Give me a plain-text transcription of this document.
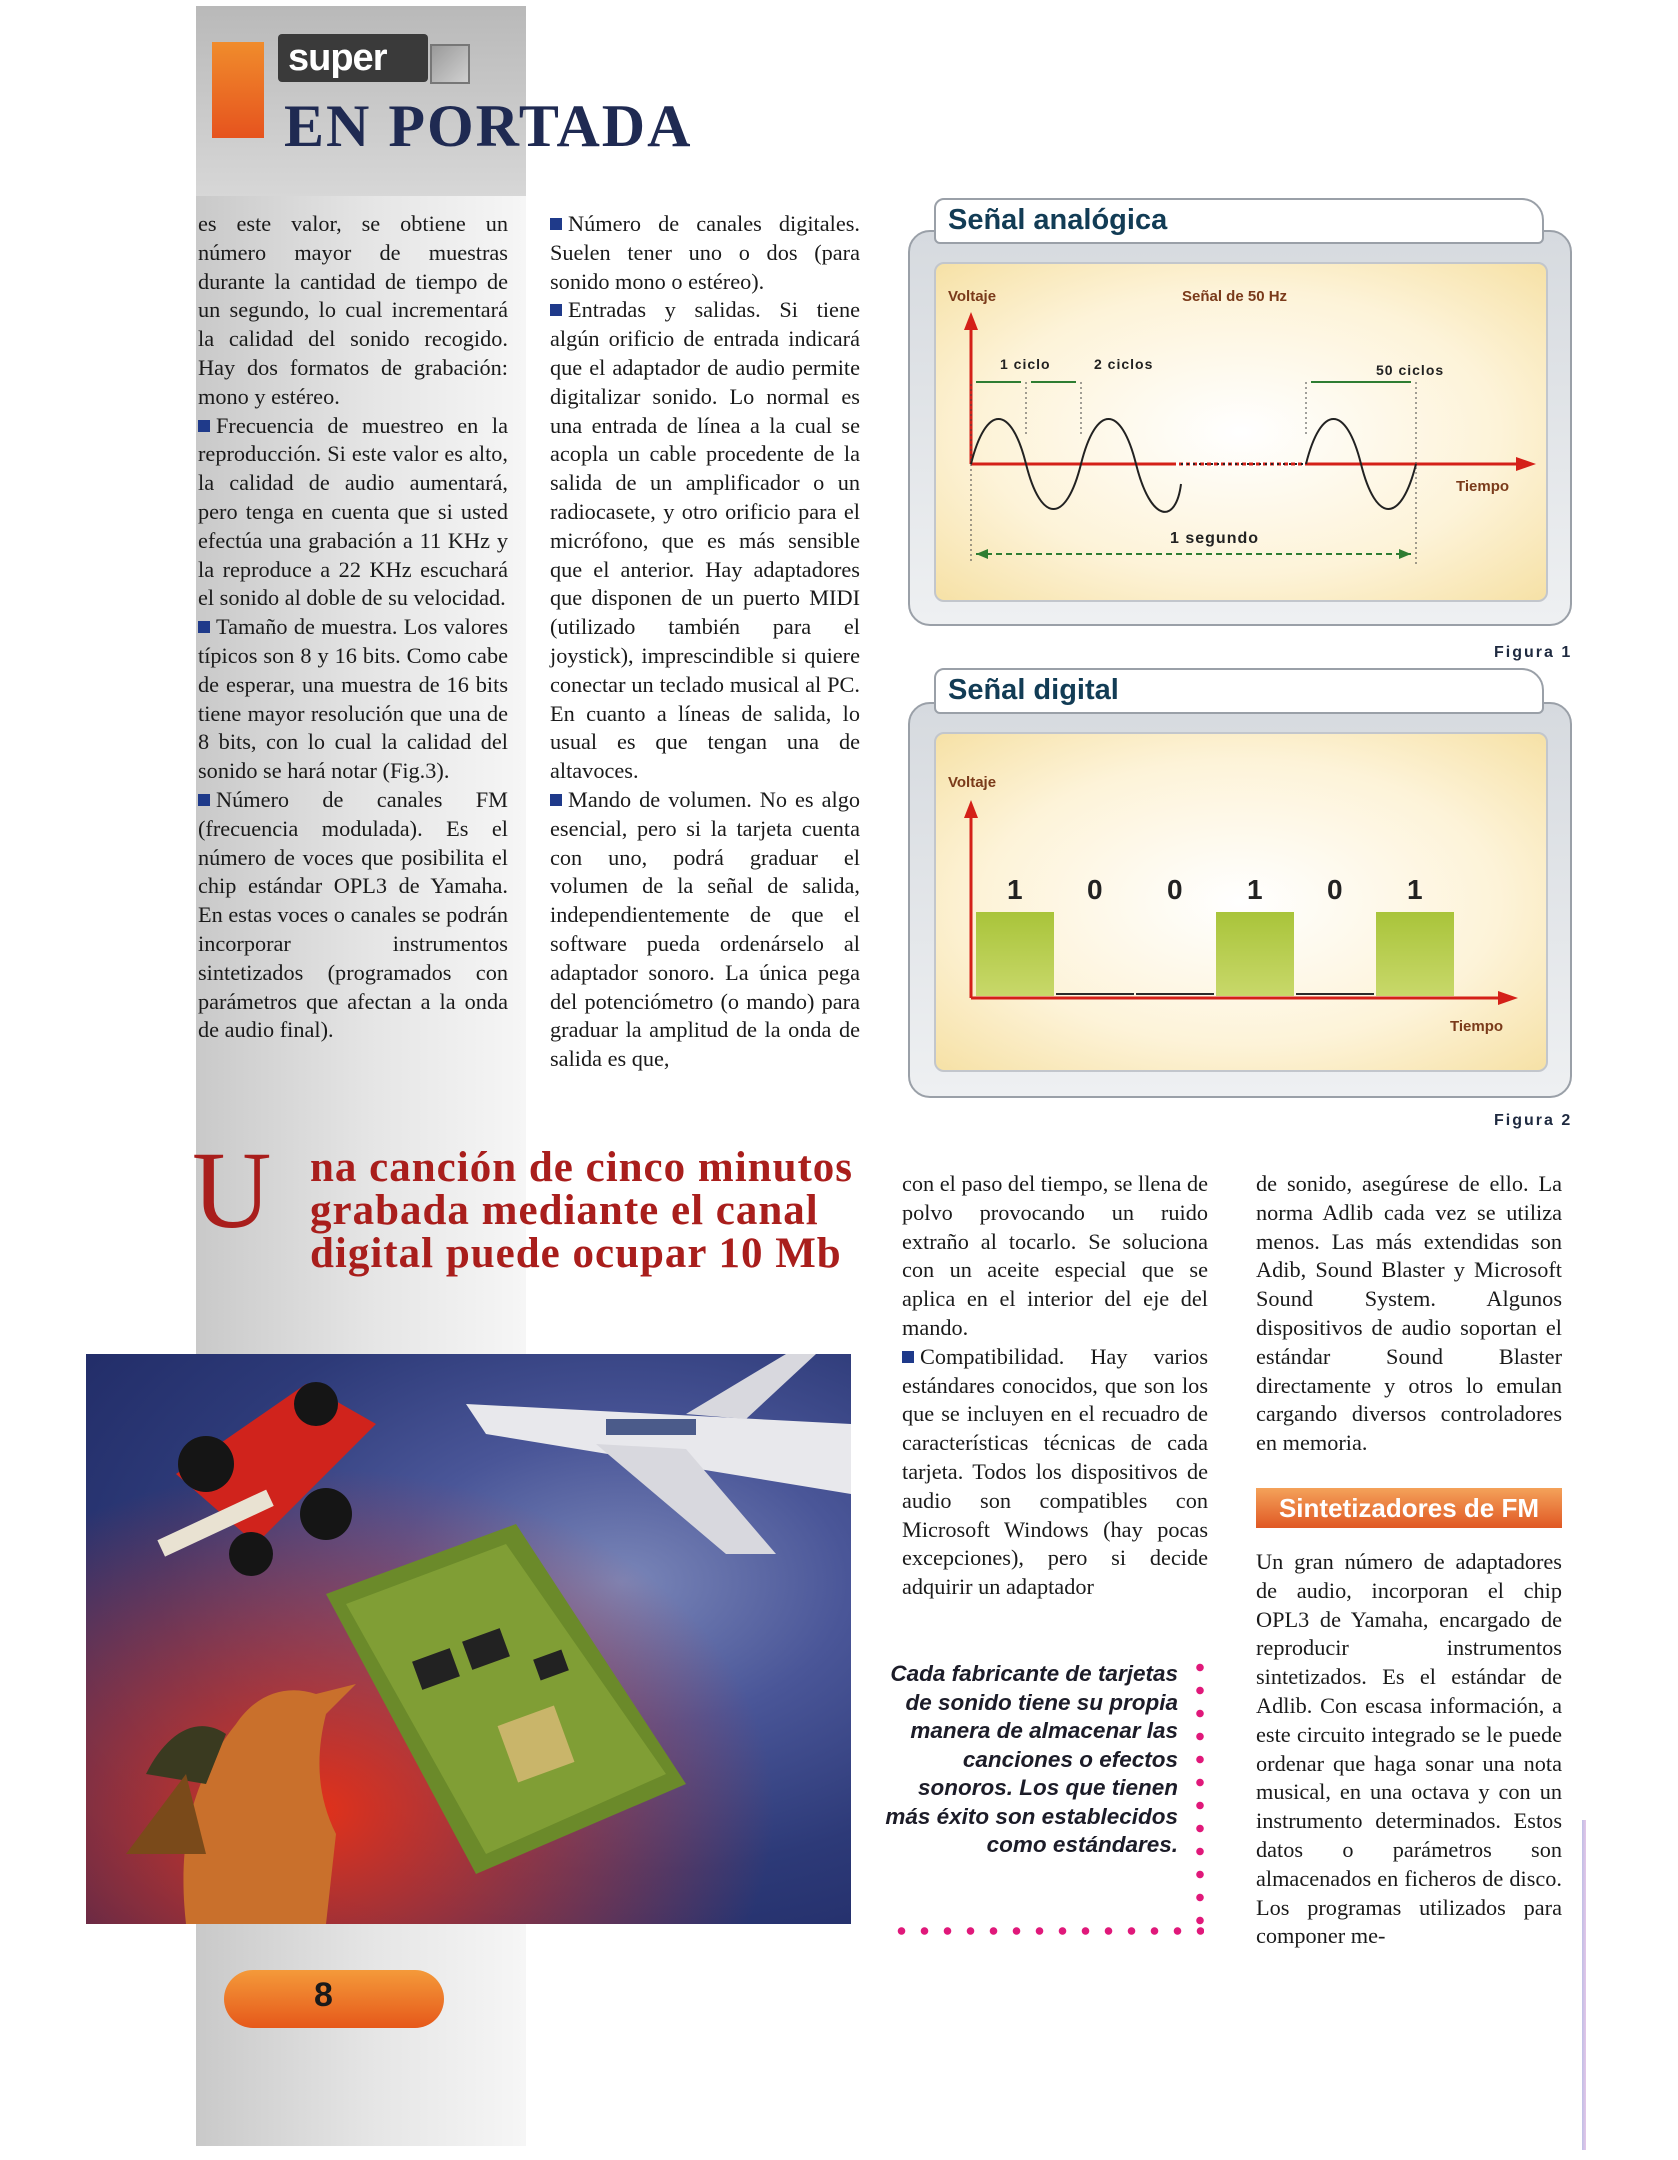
super
EN PORTADA

es este valor, se obtiene un número mayor de muestras durante la cantidad de tiempo de un segundo, lo cual incrementará la calidad del sonido recogido. Hay dos formatos de grabación: mono y estéreo.

Frecuencia de muestreo en la reproducción. Si este valor es alto, la calidad de audio aumentará, pero tenga en cuenta que si usted efectúa una grabación a 11 KHz y la reproduce a 22 KHz escuchará el sonido al doble de su velocidad.

Tamaño de muestra. Los valores típicos son 8 y 16 bits. Como cabe de esperar, una muestra de 16 bits tiene mayor resolución que una de 8 bits, con lo cual la calidad del sonido se hará notar (Fig.3).

Número de canales FM (frecuencia modulada). Es el número de voces que posibilita el chip estándar OPL3 de Yamaha. En estas voces o canales se podrán incorporar instrumentos sintetizados (programados con parámetros que afectan a la onda de audio final).

Número de canales digitales. Suelen tener uno o dos (para sonido mono o estéreo).

Entradas y salidas. Si tiene algún orificio de entrada indicará que el adaptador de audio permite digitalizar sonido. Lo normal es una entrada de línea a la cual se acopla un cable procedente de la salida de un amplificador o un radiocasete, y otro orificio para el micrófono, que es más sensible que el anterior. Hay adaptadores que disponen de un puerto MIDI (utilizado también para el joystick), imprescindible si quiere conectar un teclado musical al PC. En cuanto a líneas de salida, lo usual es que tengan una de altavoces.

Mando de volumen. No es algo esencial, pero si la tarjeta cuenta con uno, podrá graduar el volumen de la señal de salida, independientemente de que el software pueda ordenárselo al adaptador sonoro. La única pega del potenciómetro (o mando) para graduar la amplitud de la onda de salida es que,

Señal analógica
Voltaje	Señal de 50 Hz
1 ciclo	2 ciclos	50 ciclos
Tiempo
1 segundo
Figura 1
Señal digital
Voltaje
Tiempo
1 0 0 1 0 1
Figura 2
U na canción de cinco minutos grabada mediante el canal digital puede ocupar 10 Mb

con el paso del tiempo, se llena de polvo provocando un ruido extraño al tocarlo. Se soluciona con un aceite especial que se aplica en el interior del eje del mando.

Compatibilidad. Hay varios estándares conocidos, que son los que se incluyen en el recuadro de características técnicas de cada tarjeta. Todos los dispositivos de audio son compatibles con Microsoft Windows (hay pocas excepciones), pero si decide adquirir un adaptador

Cada fabricante de tarjetas de sonido tiene su propia manera de almacenar las canciones o efectos sonoros. Los que tienen más éxito son establecidos como estándares.

de sonido, asegúrese de ello. La norma Adlib cada vez se utiliza menos. Las más extendidas son Adib, Sound Blaster y Microsoft Sound System. Algunos dispositivos de audio soportan el estándar Sound Blaster directamente y otros lo emulan cargando diversos controladores en memoria.

Sintetizadores de FM

Un gran número de adaptadores de audio, incorporan el chip OPL3 de Yamaha, encargado de reproducir instrumentos sintetizados. Es el estándar de Adlib. Con escasa información, a este circuito integrado se le puede ordenar que haga sonar una nota musical, en una octava y con un instrumento determinados. Estos datos o parámetros son almacenados en ficheros de disco. Los programas utilizados para componer me-

8
